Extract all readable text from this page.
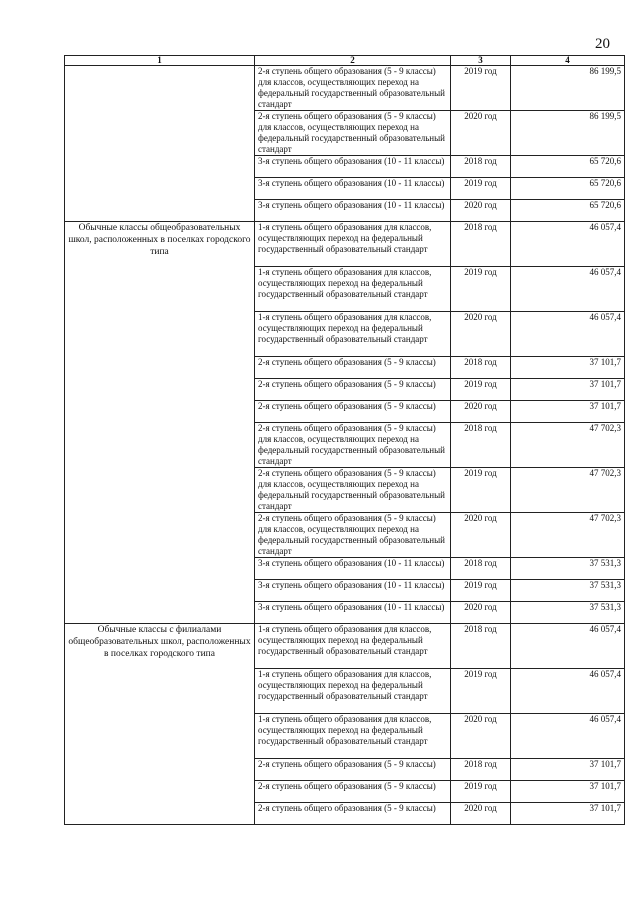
20
1	2	3	4
	2-я ступень общего образования (5 - 9 классы) для классов, осуществляющих переход на федеральный государственный образовательный стандарт	2019 год	86 199,5
	2-я ступень общего образования (5 - 9 классы) для классов, осуществляющих переход на федеральный государственный образовательный стандарт	2020 год	86 199,5
	3-я ступень общего образования (10 - 11 классы)	2018 год	65 720,6
	3-я ступень общего образования (10 - 11 классы)	2019 год	65 720,6
	3-я ступень общего образования (10 - 11 классы)	2020 год	65 720,6
Обычные классы общеобразовательных школ, расположенных в поселках городского типа	1-я ступень общего образования для классов, осуществляющих переход на федеральный государственный образовательный стандарт	2018 год	46 057,4
	1-я ступень общего образования для классов, осуществляющих переход на федеральный государственный образовательный стандарт	2019 год	46 057,4
	1-я ступень общего образования для классов, осуществляющих переход на федеральный государственный образовательный стандарт	2020 год	46 057,4
	2-я ступень общего образования (5 - 9 классы)	2018 год	37 101,7
	2-я ступень общего образования (5 - 9 классы)	2019 год	37 101,7
	2-я ступень общего образования (5 - 9 классы)	2020 год	37 101,7
	2-я ступень общего образования (5 - 9 классы) для классов, осуществляющих переход на федеральный государственный образовательный стандарт	2018 год	47 702,3
	2-я ступень общего образования (5 - 9 классы) для классов, осуществляющих переход на федеральный государственный образовательный стандарт	2019 год	47 702,3
	2-я ступень общего образования (5 - 9 классы) для классов, осуществляющих переход на федеральный государственный образовательный стандарт	2020 год	47 702,3
	3-я ступень общего образования (10 - 11 классы)	2018 год	37 531,3
	3-я ступень общего образования (10 - 11 классы)	2019 год	37 531,3
	3-я ступень общего образования (10 - 11 классы)	2020 год	37 531,3
Обычные классы с филиалами общеобразовательных школ, расположенных в поселках городского типа	1-я ступень общего образования для классов, осуществляющих переход на федеральный государственный образовательный стандарт	2018 год	46 057,4
	1-я ступень общего образования для классов, осуществляющих переход на федеральный государственный образовательный стандарт	2019 год	46 057,4
	1-я ступень общего образования для классов, осуществляющих переход на федеральный государственный образовательный стандарт	2020 год	46 057,4
	2-я ступень общего образования (5 - 9 классы)	2018 год	37 101,7
	2-я ступень общего образования (5 - 9 классы)	2019 год	37 101,7
	2-я ступень общего образования (5 - 9 классы)	2020 год	37 101,7
